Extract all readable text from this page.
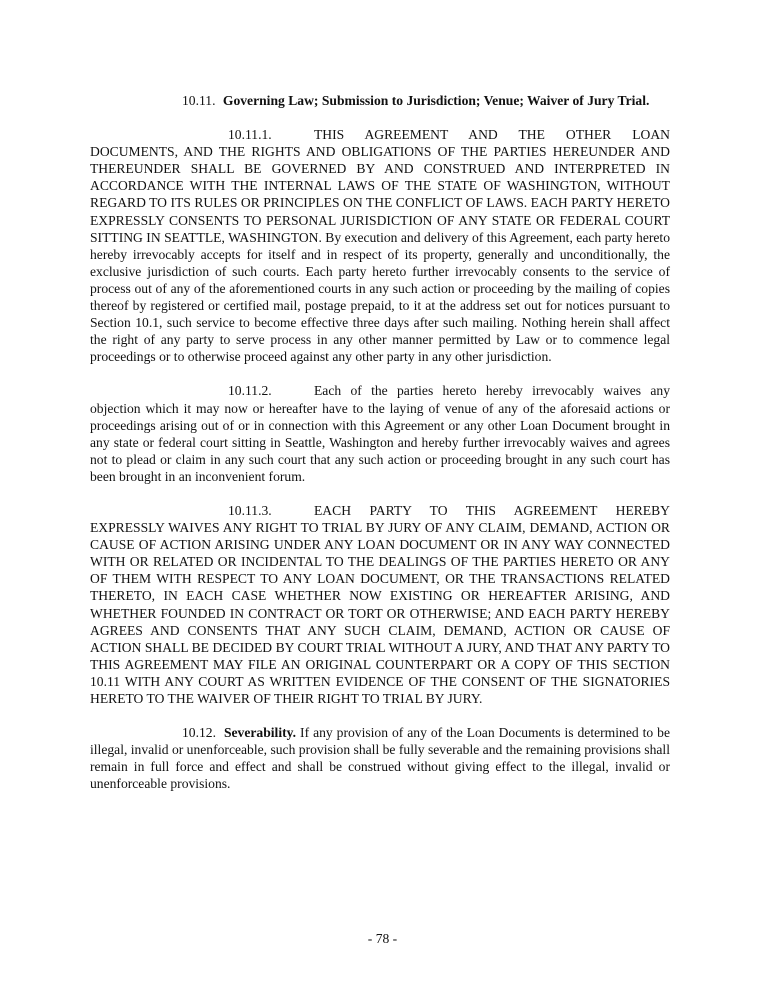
10.11. Governing Law; Submission to Jurisdiction; Venue; Waiver of Jury Trial.

10.11.1.	THIS AGREEMENT AND THE OTHER LOAN DOCUMENTS, AND THE RIGHTS AND OBLIGATIONS OF THE PARTIES HEREUNDER AND THEREUNDER SHALL BE GOVERNED BY AND CONSTRUED AND INTERPRETED IN ACCORDANCE WITH THE INTERNAL LAWS OF THE STATE OF WASHINGTON, WITHOUT REGARD TO ITS RULES OR PRINCIPLES ON THE CONFLICT OF LAWS. EACH PARTY HERETO EXPRESSLY CONSENTS TO PERSONAL JURISDICTION OF ANY STATE OR FEDERAL COURT SITTING IN SEATTLE, WASHINGTON. By execution and delivery of this Agreement, each party hereto hereby irrevocably accepts for itself and in respect of its property, generally and unconditionally, the exclusive jurisdiction of such courts. Each party hereto further irrevocably consents to the service of process out of any of the aforementioned courts in any such action or proceeding by the mailing of copies thereof by registered or certified mail, postage prepaid, to it at the address set out for notices pursuant to Section 10.1, such service to become effective three days after such mailing. Nothing herein shall affect the right of any party to serve process in any other manner permitted by Law or to commence legal proceedings or to otherwise proceed against any other party in any other jurisdiction.

10.11.2.	Each of the parties hereto hereby irrevocably waives any objection which it may now or hereafter have to the laying of venue of any of the aforesaid actions or proceedings arising out of or in connection with this Agreement or any other Loan Document brought in any state or federal court sitting in Seattle, Washington and hereby further irrevocably waives and agrees not to plead or claim in any such court that any such action or proceeding brought in any such court has been brought in an inconvenient forum.

10.11.3.	EACH PARTY TO THIS AGREEMENT HEREBY EXPRESSLY WAIVES ANY RIGHT TO TRIAL BY JURY OF ANY CLAIM, DEMAND, ACTION OR CAUSE OF ACTION ARISING UNDER ANY LOAN DOCUMENT OR IN ANY WAY CONNECTED WITH OR RELATED OR INCIDENTAL TO THE DEALINGS OF THE PARTIES HERETO OR ANY OF THEM WITH RESPECT TO ANY LOAN DOCUMENT, OR THE TRANSACTIONS RELATED THERETO, IN EACH CASE WHETHER NOW EXISTING OR HEREAFTER ARISING, AND WHETHER FOUNDED IN CONTRACT OR TORT OR OTHERWISE; AND EACH PARTY HEREBY AGREES AND CONSENTS THAT ANY SUCH CLAIM, DEMAND, ACTION OR CAUSE OF ACTION SHALL BE DECIDED BY COURT TRIAL WITHOUT A JURY, AND THAT ANY PARTY TO THIS AGREEMENT MAY FILE AN ORIGINAL COUNTERPART OR A COPY OF THIS SECTION 10.11 WITH ANY COURT AS WRITTEN EVIDENCE OF THE CONSENT OF THE SIGNATORIES HERETO TO THE WAIVER OF THEIR RIGHT TO TRIAL BY JURY.

10.12. Severability. If any provision of any of the Loan Documents is determined to be illegal, invalid or unenforceable, such provision shall be fully severable and the remaining provisions shall remain in full force and effect and shall be construed without giving effect to the illegal, invalid or unenforceable provisions.

- 78 -
